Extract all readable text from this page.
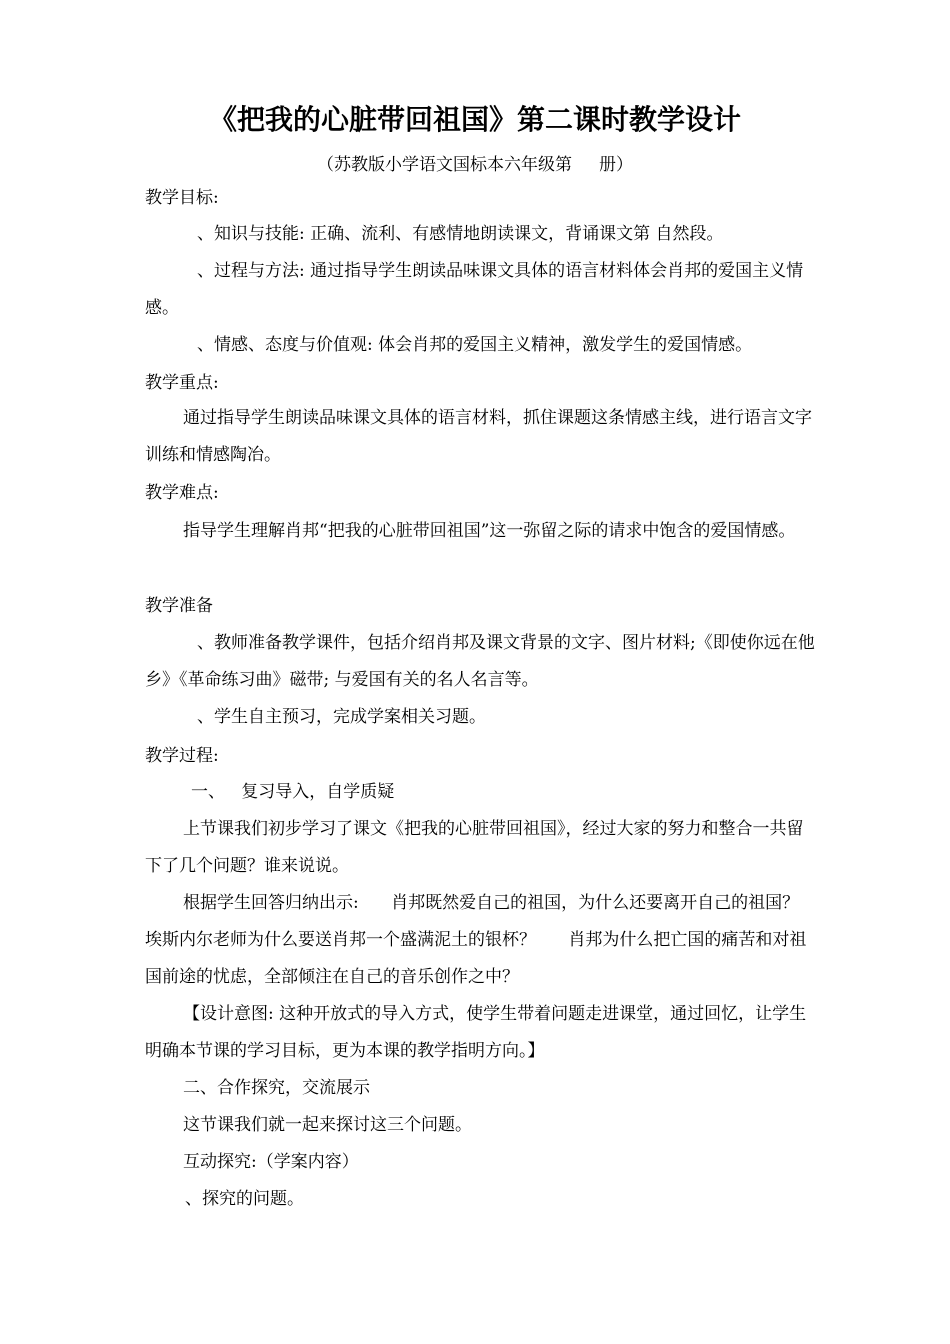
《把我的心脏带回祖国》第二课时教学设计
（苏教版小学语文国标本六年级第     册）
教学目标:

、知识与技能: 正确、流利、有感情地朗读课文，背诵课文第 自然段。

、过程与方法: 通过指导学生朗读品味课文具体的语言材料体会肖邦的爱国主义情感。

、情感、态度与价值观: 体会肖邦的爱国主义精神，激发学生的爱国情感。

教学重点:

通过指导学生朗读品味课文具体的语言材料，抓住课题这条情感主线，进行语言文字训练和情感陶冶。

教学难点:

指导学生理解肖邦“把我的心脏带回祖国”这一弥留之际的请求中饱含的爱国情感。

教学准备

、教师准备教学课件，包括介绍肖邦及课文背景的文字、图片材料;《即使你远在他乡》《革命练习曲》磁带; 与爱国有关的名人名言等。

、学生自主预习，完成学案相关习题。

教学过程:

一、   复习导入，自学质疑

上节课我们初步学习了课文《把我的心脏带回祖国》，经过大家的努力和整合一共留下了几个问题？谁来说说。

根据学生回答归纳出示:      肖邦既然爱自己的祖国，为什么还要离开自己的祖国？      埃斯内尔老师为什么要送肖邦一个盛满泥土的银杯？      肖邦为什么把亡国的痛苦和对祖国前途的忧虑，全部倾注在自己的音乐创作之中？

【设计意图: 这种开放式的导入方式，使学生带着问题走进课堂，通过回忆，让学生明确本节课的学习目标，更为本课的教学指明方向。】

二、合作探究，交流展示

这节课我们就一起来探讨这三个问题。

互动探究:（学案内容）

、探究的问题。
